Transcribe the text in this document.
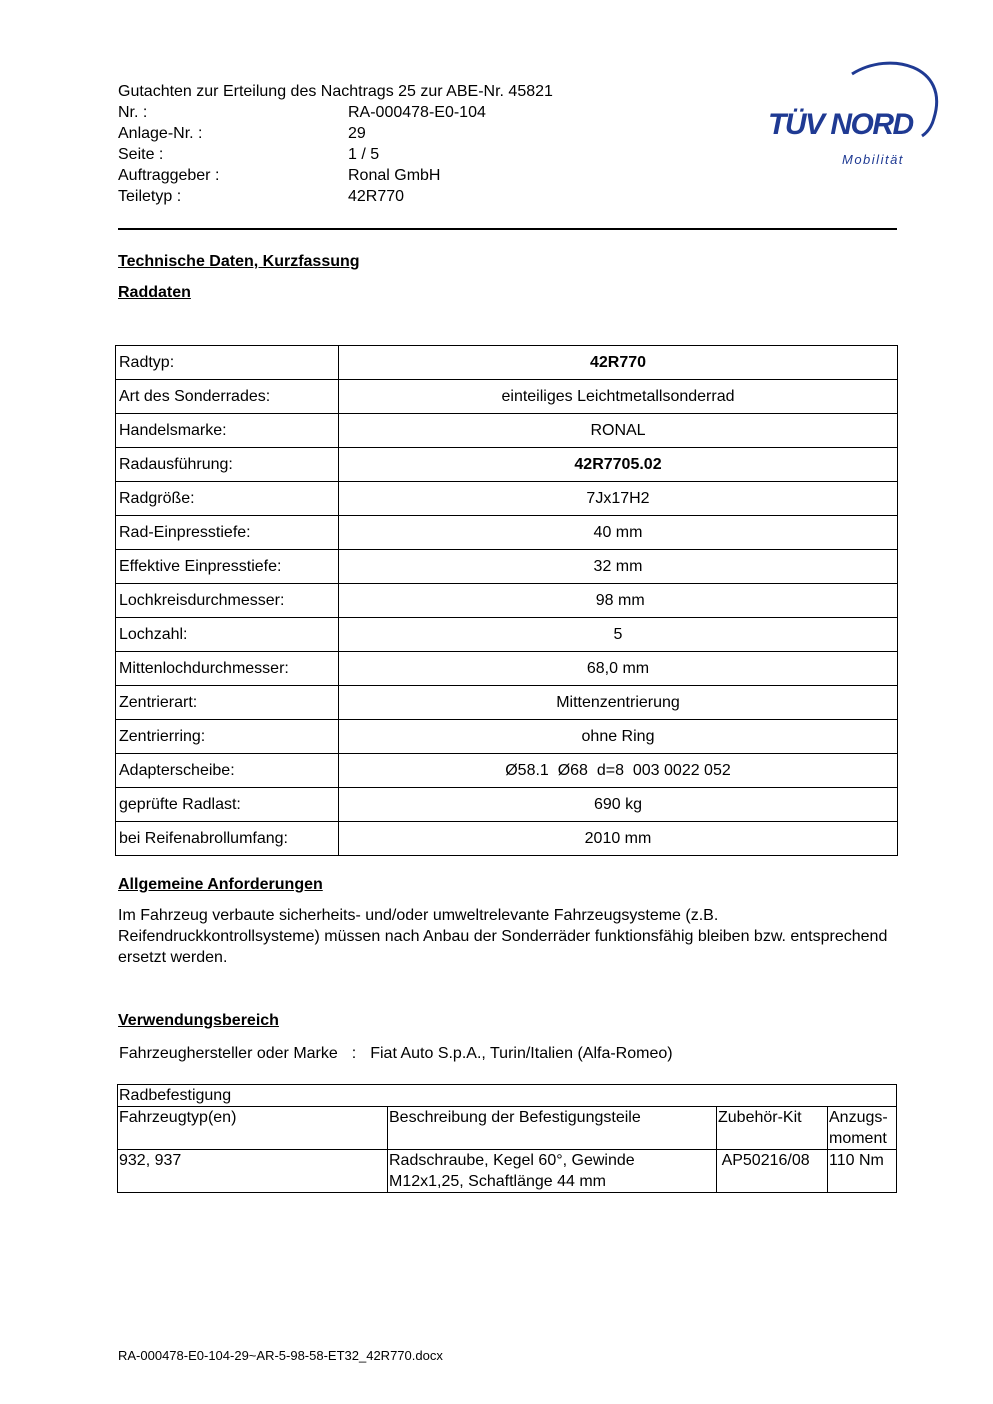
Gutachten zur Erteilung des Nachtrags 25 zur ABE-Nr. 45821
Nr. :	RA-000478-E0-104
Anlage-Nr. :	29
Seite :	1 / 5
Auftraggeber :	Ronal GmbH
Teiletyp :	42R770
TÜV NORD
Mobilität
Technische Daten, Kurzfassung
Raddaten
Radtyp:	42R770
Art des Sonderrades:	einteiliges Leichtmetallsonderrad
Handelsmarke:	RONAL
Radausführung:	42R7705.02
Radgröße:	7Jx17H2
Rad-Einpresstiefe:	40 mm
Effektive Einpresstiefe:	32 mm
Lochkreisdurchmesser:	98 mm
Lochzahl:	5
Mittenlochdurchmesser:	68,0 mm
Zentrierart:	Mittenzentrierung
Zentrierring:	ohne Ring
Adapterscheibe:	Ø58.1  Ø68  d=8  003 0022 052
geprüfte Radlast:	690 kg
bei Reifenabrollumfang:	2010 mm
Allgemeine Anforderungen
Im Fahrzeug verbaute sicherheits- und/oder umweltrelevante Fahrzeugsysteme (z.B. Reifendruckkontrollsysteme) müssen nach Anbau der Sonderräder funktionsfähig bleiben bzw. entsprechend ersetzt werden.
Verwendungsbereich
Fahrzeughersteller oder Marke : Fiat Auto S.p.A., Turin/Italien (Alfa-Romeo)
Radbefestigung			
Fahrzeugtyp(en)	Beschreibung der Befestigungsteile	Zubehör-Kit	Anzugs-
moment
932, 937	Radschraube, Kegel 60°, Gewinde
M12x1,25, Schaftlänge 44 mm	AP50216/08	110 Nm
RA-000478-E0-104-29~AR-5-98-58-ET32_42R770.docx
